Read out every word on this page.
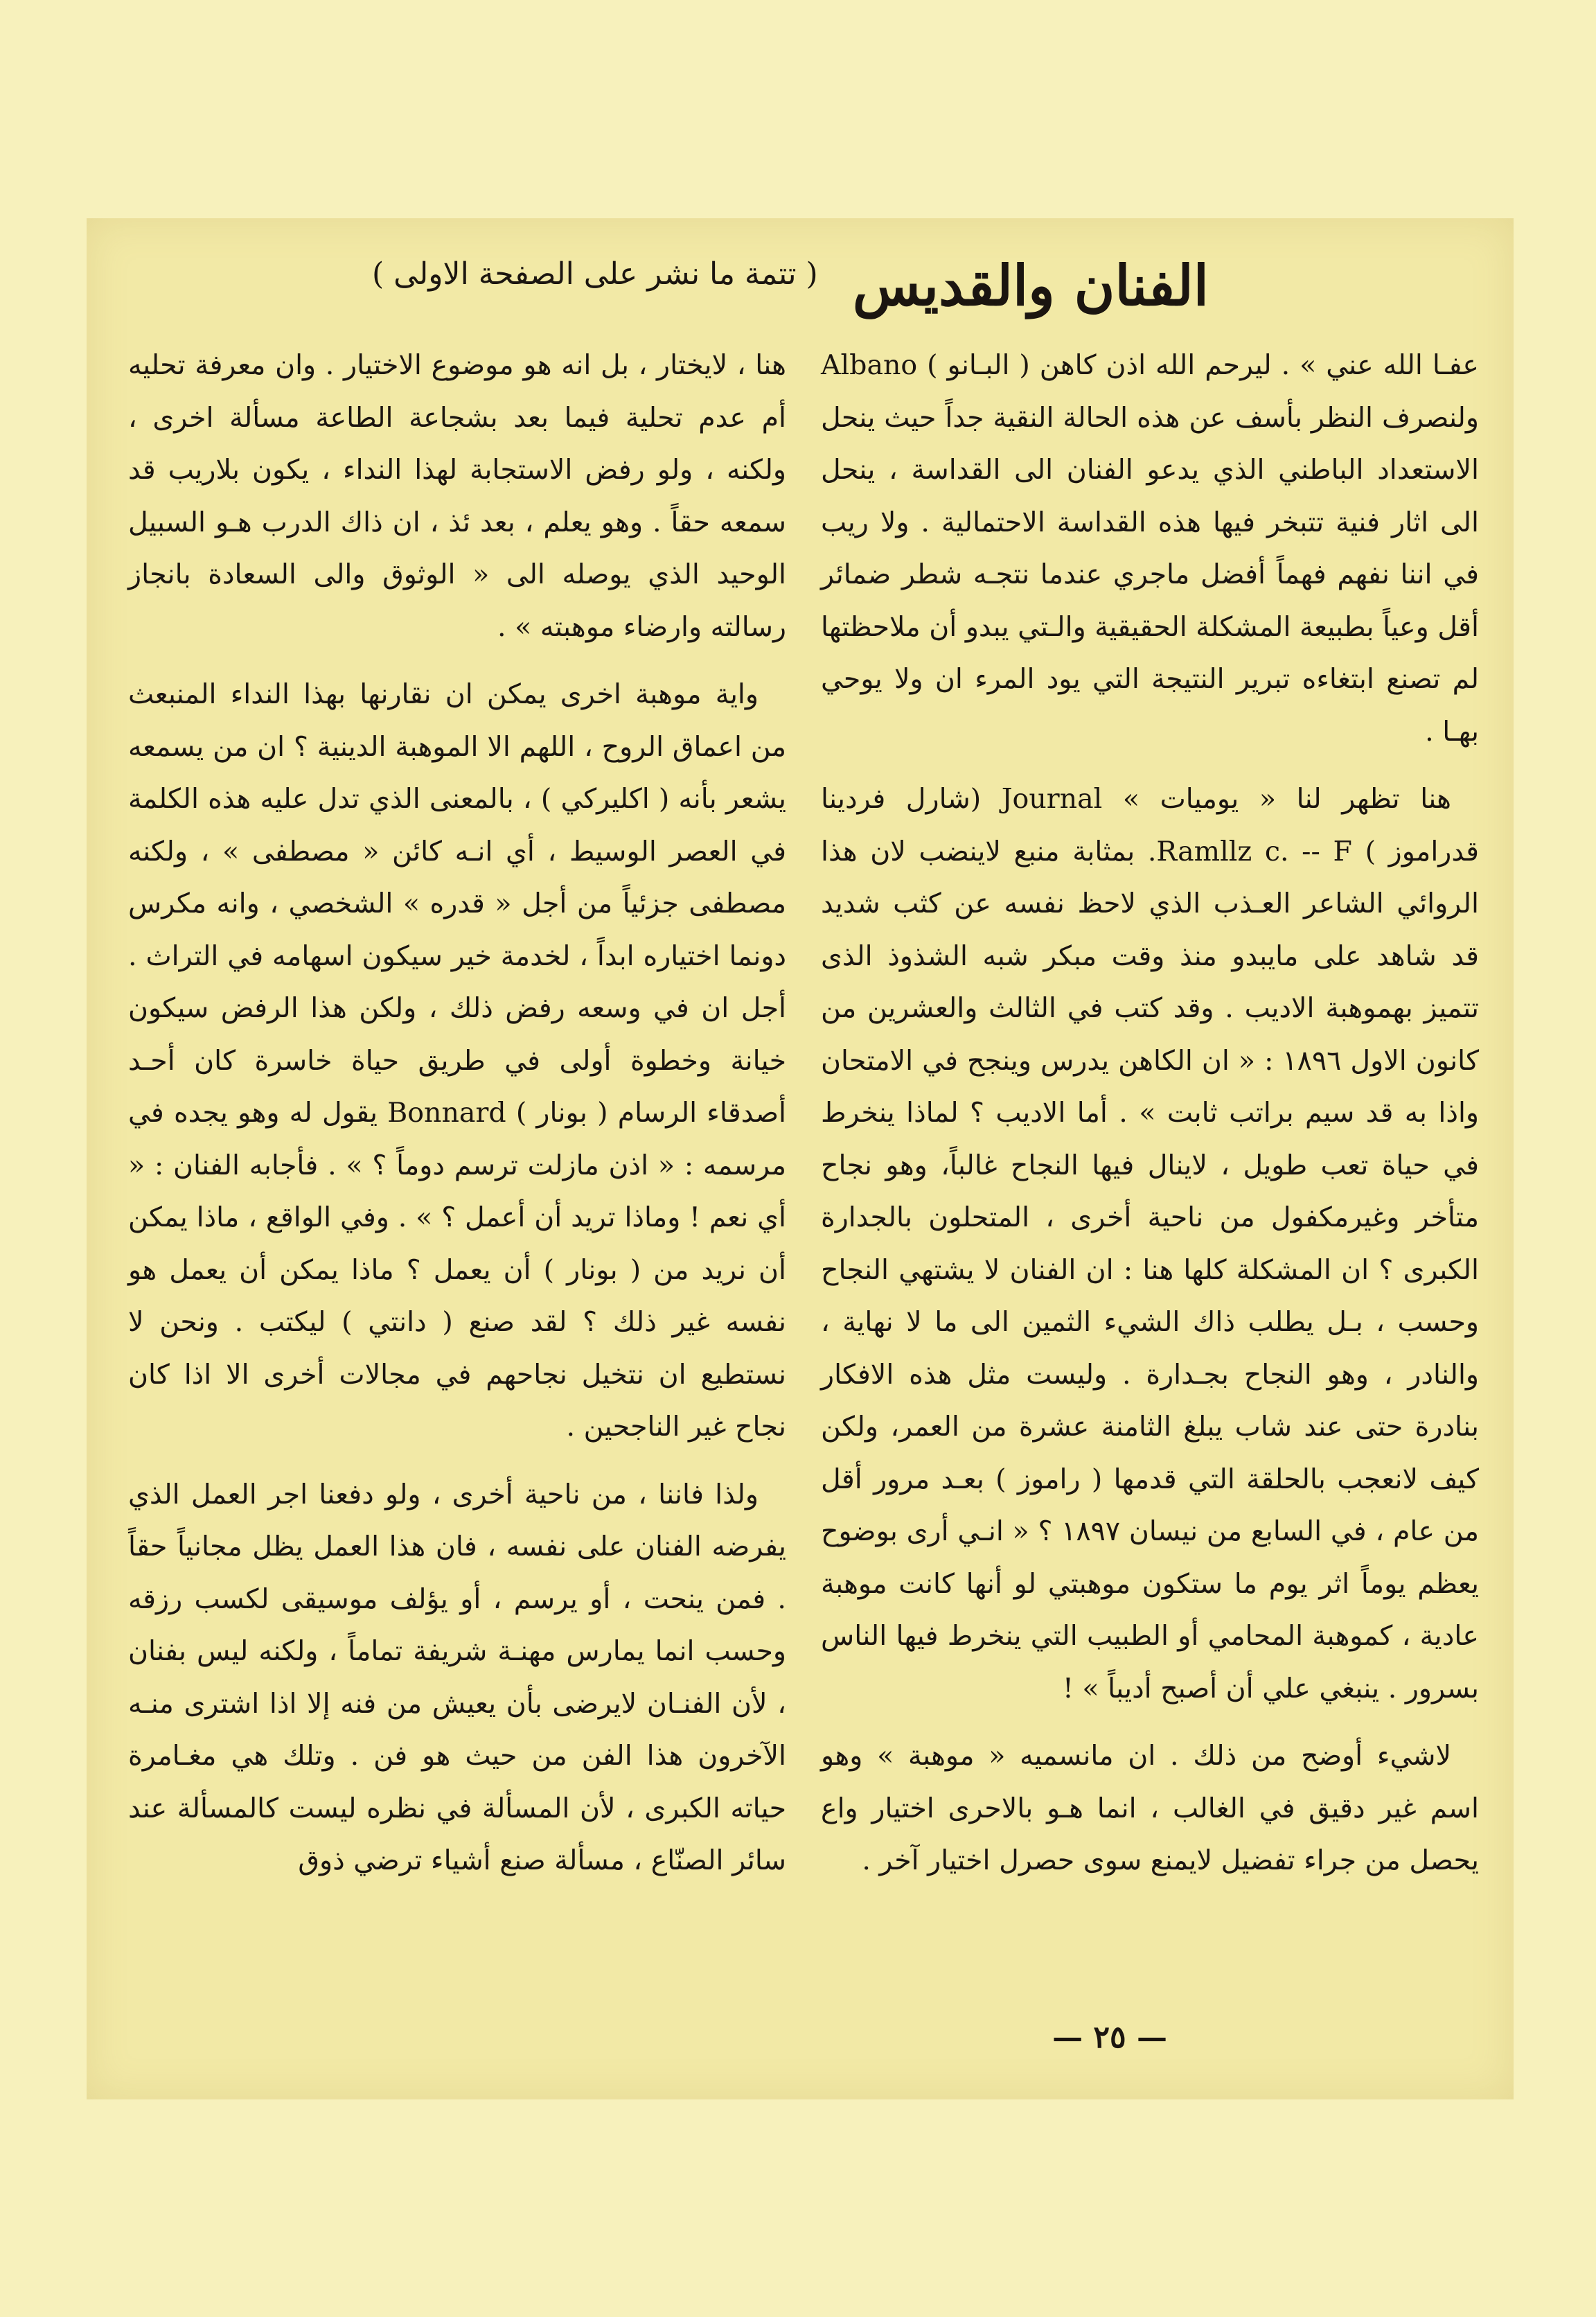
الفنان والقديس
( تتمة ما نشر على الصفحة الاولى )

عفـا الله عني » . ليرحم الله اذن كاهن ( البـانو ) Albano ولنصرف النظر بأسف عن هذه الحالة النقية جداً حيث ينحل الاستعداد الباطني الذي يدعو الفنان الى القداسة ، ينحل الى اثار فنية تتبخر فيها هذه القداسة الاحتمالية . ولا ريب في اننا نفهم فهماً أفضل ماجري عندما نتجـه شطر ضمائر أقل وعياً بطبيعة المشكلة الحقيقية والـتي يبدو أن ملاحظتها لم تصنع ابتغاءه تبرير النتيجة التي يود المرء ان ولا يوحي بهـا .

هنا تظهر لنا « يوميات » Journal (شارل فردينا قدراموز ) Ramllz c. -- F. بمثابة منبع لاينضب لان هذا الروائي الشاعر العـذب الذي لاحظ نفسه عن كثب شديد قد شاهد على مايبدو منذ وقت مبكر شبه الشذوذ الذى تتميز بهموهبة الاديب . وقد كتب في الثالث والعشرين من كانون الاول ١٨٩٦ : « ان الكاهن يدرس وينجح في الامتحان واذا به قد سيم براتب ثابت » . أما الاديب ؟ لماذا ينخرط في حياة تعب طويل ، لاينال فيها النجاح غالباً، وهو نجاح متأخر وغيرمكفول من ناحية أخرى ، المتحلون بالجدارة الكبرى ؟ ان المشكلة كلها هنا : ان الفنان لا يشتهي النجاح وحسب ، بـل يطلب ذاك الشيء الثمين الى ما لا نهاية ، والنادر ، وهو النجاح بجـدارة . وليست مثل هذه الافكار بنادرة حتى عند شاب يبلغ الثامنة عشرة من العمر، ولكن كيف لانعجب بالحلقة التي قدمها ( راموز ) بعـد مرور أقل من عام ، في السابع من نيسان ١٨٩٧ ؟ « انـي أرى بوضوح يعظم يوماً اثر يوم ما ستكون موهبتي لو أنها كانت موهبة عادية ، كموهبة المحامي أو الطبيب التي ينخرط فيها الناس بسرور . ينبغي علي أن أصبح أديباً » !

لاشيء أوضح من ذلك . ان مانسميه « موهبة » وهو اسم غير دقيق في الغالب ، انما هـو بالاحرى اختيار واع يحصل من جراء تفضيل لايمنع سوى حصرل اختيار آخر .

هنا ، لايختار ، بل انه هو موضوع الاختيار . وان معرفة تحليه أم عدم تحلية فيما بعد بشجاعة الطاعة مسألة اخرى ، ولكنه ، ولو رفض الاستجابة لهذا النداء ، يكون بلاريب قد سمعه حقاً . وهو يعلم ، بعد ئذ ، ان ذاك الدرب هـو السبيل الوحيد الذي يوصله الى « الوثوق والى السعادة بانجاز رسالته وارضاء موهبته » .

واية موهبة اخرى يمكن ان نقارنها بهذا النداء المنبعث من اعماق الروح ، اللهم الا الموهبة الدينية ؟ ان من يسمعه يشعر بأنه ( اكليركي ) ، بالمعنى الذي تدل عليه هذه الكلمة في العصر الوسيط ، أي انـه كائن « مصطفى » ، ولكنه مصطفى جزئياً من أجل « قدره » الشخصي ، وانه مكرس دونما اختياره ابداً ، لخدمة خير سيكون اسهامه في التراث . أجل ان في وسعه رفض ذلك ، ولكن هذا الرفض سيكون خيانة وخطوة أولى في طريق حياة خاسرة كان أحـد أصدقاء الرسام ( بونار ) Bonnard يقول له وهو يجده في مرسمه : « اذن مازلت ترسم دوماً ؟ » . فأجابه الفنان : « أي نعم ! وماذا تريد أن أعمل ؟ » . وفي الواقع ، ماذا يمكن أن نريد من ( بونار ) أن يعمل ؟ ماذا يمكن أن يعمل هو نفسه غير ذلك ؟ لقد صنع ( دانتي ) ليكتب . ونحن لا نستطيع ان نتخيل نجاحهم في مجالات أخرى الا اذا كان نجاح غير الناجحين .

ولذا فاننا ، من ناحية أخرى ، ولو دفعنا اجر العمل الذي يفرضه الفنان على نفسه ، فان هذا العمل يظل مجانياً حقاً . فمن ينحت ، أو يرسم ، أو يؤلف موسيقى لكسب رزقه وحسب انما يمارس مهنـة شريفة تماماً ، ولكنه ليس بفنان ، لأن الفنـان لايرضى بأن يعيش من فنه إلا اذا اشترى منـه الآخرون هذا الفن من حيث هو فن . وتلك هي مغـامرة حياته الكبرى ، لأن المسألة في نظره ليست كالمسألة عند سائر الصنّاع ، مسألة صنع أشياء ترضي ذوق

— ٢٥ —
